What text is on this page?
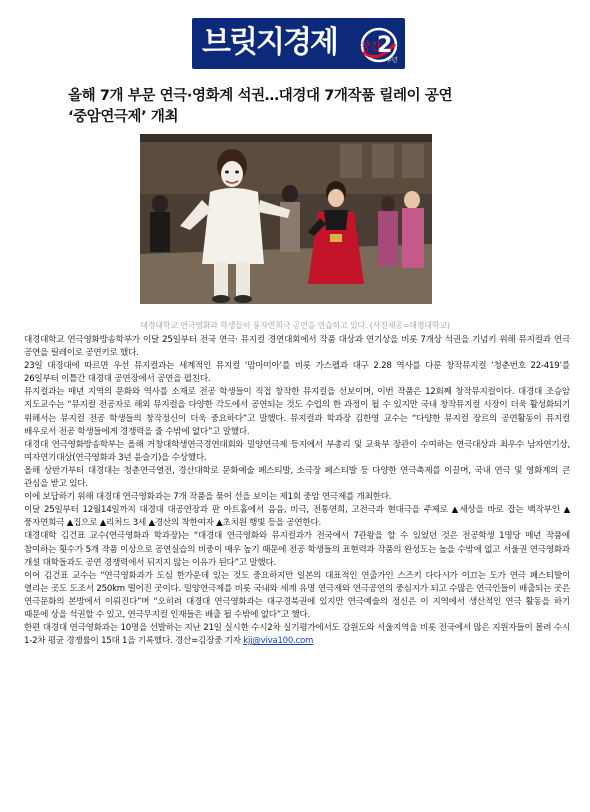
브릿지경제 창간
2
주년
올해 7개 부문 연극·영화계 석권…대경대 7개작품 릴레이 공연
‘중암연극제’ 개최
대경대학교 연극영화과 학생들이 풍자연희극 공연을 연습하고 있다. (사진제공=대경대학교)

대경대학교 연극영화방송학부가 이달 25일부터 전국 연극· 뮤지컬 경연대회에서 작품 대상과 연기상을 비롯 7개상 석권을 기념키 위해 뮤지컬과 연극 공연을 릴레이로 공연키로 했다.

23일 대경대에 따르면 우선 뮤지컬과는 세계적인 뮤지컬 ‘맘마미아’를 비롯 가스펠과 대구 2.28 역사를 다룬 창작뮤지컬 ‘청춘번호 22-419’를 26일부터 이틀간 대경대 공연장에서 공연을 펼친다.

뮤지컬과는 매년 지역의 문화와 역사를 소재로 전공 학생들이 직접 창작한 뮤지컬을 선보이며, 이번 작품은 12회째 창작뮤지컬이다. 대경대 조승암 지도교수는 “뮤지컬 전공자로 해외 뮤지컬을 다양한 각도에서 공연되는 것도 수업의 한 과정이 될 수 있지만 국내 창작뮤지컬 시장이 더욱 활성화되기 위해서는 뮤지컬 전공 학생들의 창작정신이 더욱 중요하다”고 말했다. 뮤지컬과 학과장 김한영 교수는 “다양한 뮤지컬 장르의 공연활동이 뮤지컬 배우로서 전공 학생들에게 경쟁력을 줄 수밖에 없다”고 말했다.

대경대 연극영화방송학부는 올해 거창대학생연극경연대회와 밀양연극제 등지에서 부총리 및 교육부 장관이 수여하는 연극대상과 최우수 남자연기상, 여자연기대상(연극영화과 3년 윤슬기)을 수상했다.

올해 상반기부터 대경대는 청춘연극열전, 경산대학로 문화예술 페스티발, 소극장 페스티발 등 다양한 연극축제를 이끌며, 국내 연극 및 영화계의 큰 관심을 받고 있다.

이에 보답하기 위해 대경대 연극영화과는 7개 작품을 묶어 선을 보이는 제1회 중암 연극제를 개최한다.

이달 25일부터 12월14일까지 대경대 대공연장과 판 아트홀에서 음음, 비극, 전통연희, 고전극과 현대극을 주제로 ▲세상을 바로 잡는 백작부인 ▲풍자연희극 ▲집으로 ▲리처드 3세 ▲경산의 착한여자 ▲초치원 행빛 등을 공연한다.

대경대학 김건표 교수(연극영화과 학과장)는 “대경대 연극영화와 뮤지컬과가 전국에서 7관왕을 할 수 있었던 것은 전공학생 1명당 매년 작품에 참여하는 횟수가 5개 작품 이상으로 공연실습의 비중이 매우 높기 때문에 전공 학생들의 표현력과 작품의 완성도는 높을 수밖에 없고 서울권 연극영화과 개설 대학들과도 공연 경쟁력에서 뒤지지 않는 이유가 된다”고 말했다.

이어 김건표 교수는 “연극영화과가 도심 한가운데 있는 것도 중요하지만 일본의 대표적인 연출가인 스즈키 다다시가 이끄는 도가 연극 페스티발이 열리는 곳도 도조서 250km 떨어진 곳이다. 밀양연극제를 비롯 국내와 세계 유명 연극제와 연극공연의 중심지가 되고 수많은 연극인들이 배출되는 곳은 연극문화의 본방에서 이뤄진다”며 “오히려 대경대 연극영화과는 대구경북권에 있지만 연극예술의 정신은 이 지역에서 생산적인 연극 활동을 하기 때문에 상을 석권할 수 있고, 연극무지컬 인재들은 배출 될 수밖에 없다”고 했다.

한편 대경대 연극영화과는 10명을 선발하는 지난 21일 실시한 수시2차 실기평가에서도 강원도와 서울지역을 비롯 전국에서 많은 지원자들이 몰려 수시 1-2차 평균 경쟁률이 15대 1을 기록했다. 경산=김장중 기자 kjj@viva100.com
